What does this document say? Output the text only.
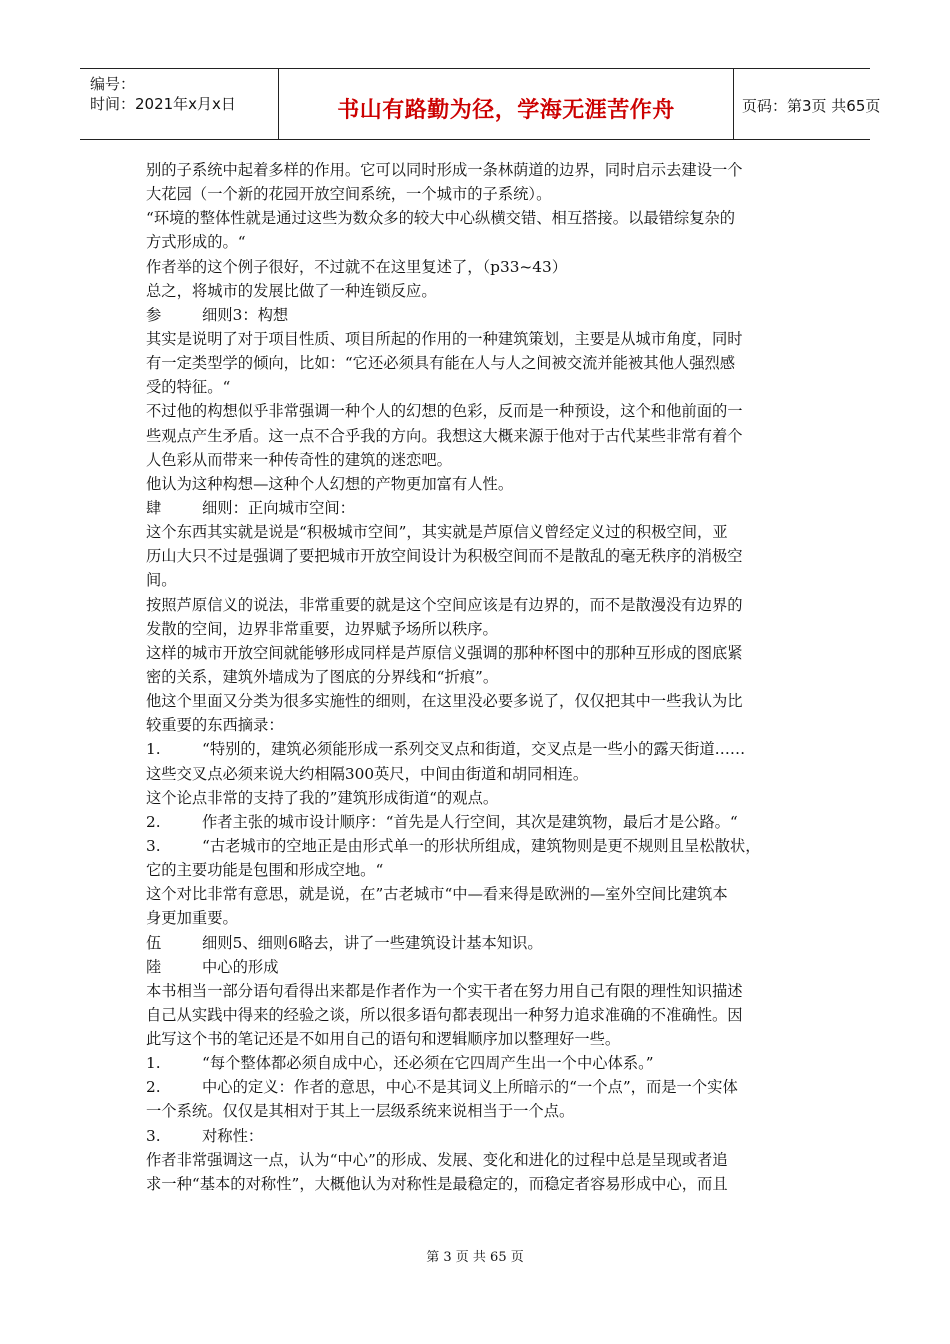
编号：
时间：2021年x月x日	书山有路勤为径，学海无涯苦作舟	页码：第3页 共65页
别的子系统中起着多样的作用。它可以同时形成一条林荫道的边界，同时启示去建设一个
大花园（一个新的花园开放空间系统，一个城市的子系统）。
“环境的整体性就是通过这些为数众多的较大中心纵横交错、相互搭接。以最错综复杂的
方式形成的。“
作者举的这个例子很好，不过就不在这里复述了，（p33~43）
总之，将城市的发展比做了一种连锁反应。
参	细则3：构想
其实是说明了对于项目性质、项目所起的作用的一种建筑策划，主要是从城市角度，同时
有一定类型学的倾向，比如：“它还必须具有能在人与人之间被交流并能被其他人强烈感
受的特征。“
不过他的构想似乎非常强调一种个人的幻想的色彩，反而是一种预设，这个和他前面的一
些观点产生矛盾。这一点不合乎我的方向。我想这大概来源于他对于古代某些非常有着个
人色彩从而带来一种传奇性的建筑的迷恋吧。
他认为这种构想—这种个人幻想的产物更加富有人性。
肆	细则：正向城市空间：
这个东西其实就是说是“积极城市空间”，其实就是芦原信义曾经定义过的积极空间，亚
历山大只不过是强调了要把城市开放空间设计为积极空间而不是散乱的毫无秩序的消极空
间。
按照芦原信义的说法，非常重要的就是这个空间应该是有边界的，而不是散漫没有边界的
发散的空间，边界非常重要，边界赋予场所以秩序。
这样的城市开放空间就能够形成同样是芦原信义强调的那种杯图中的那种互形成的图底紧
密的关系，建筑外墙成为了图底的分界线和“折痕”。
他这个里面又分类为很多实施性的细则，在这里没必要多说了，仅仅把其中一些我认为比
较重要的东西摘录：
1.	“特别的，建筑必须能形成一系列交叉点和街道，交叉点是一些小的露天街道……
这些交叉点必须来说大约相隔300英尺，中间由街道和胡同相连。
这个论点非常的支持了我的”建筑形成街道“的观点。
2.	作者主张的城市设计顺序：“首先是人行空间，其次是建筑物，最后才是公路。“
3.	“古老城市的空地正是由形式单一的形状所组成，建筑物则是更不规则且呈松散状，
它的主要功能是包围和形成空地。“
这个对比非常有意思，就是说，在”古老城市“中—看来得是欧洲的—室外空间比建筑本
身更加重要。
伍	细则5、细则6略去，讲了一些建筑设计基本知识。
陸	中心的形成
本书相当一部分语句看得出来都是作者作为一个实干者在努力用自己有限的理性知识描述
自己从实践中得来的经验之谈，所以很多语句都表现出一种努力追求准确的不准确性。因
此写这个书的笔记还是不如用自己的语句和逻辑顺序加以整理好一些。
1.	“每个整体都必须自成中心，还必须在它四周产生出一个中心体系。”
2.	中心的定义：作者的意思，中心不是其词义上所暗示的“一个点”，而是一个实体
一个系统。仅仅是其相对于其上一层级系统来说相当于一个点。
3.	对称性：
作者非常强调这一点，认为“中心”的形成、发展、变化和进化的过程中总是呈现或者追
求一种“基本的对称性”，大概他认为对称性是最稳定的，而稳定者容易形成中心，而且
第 3 页 共 65 页
